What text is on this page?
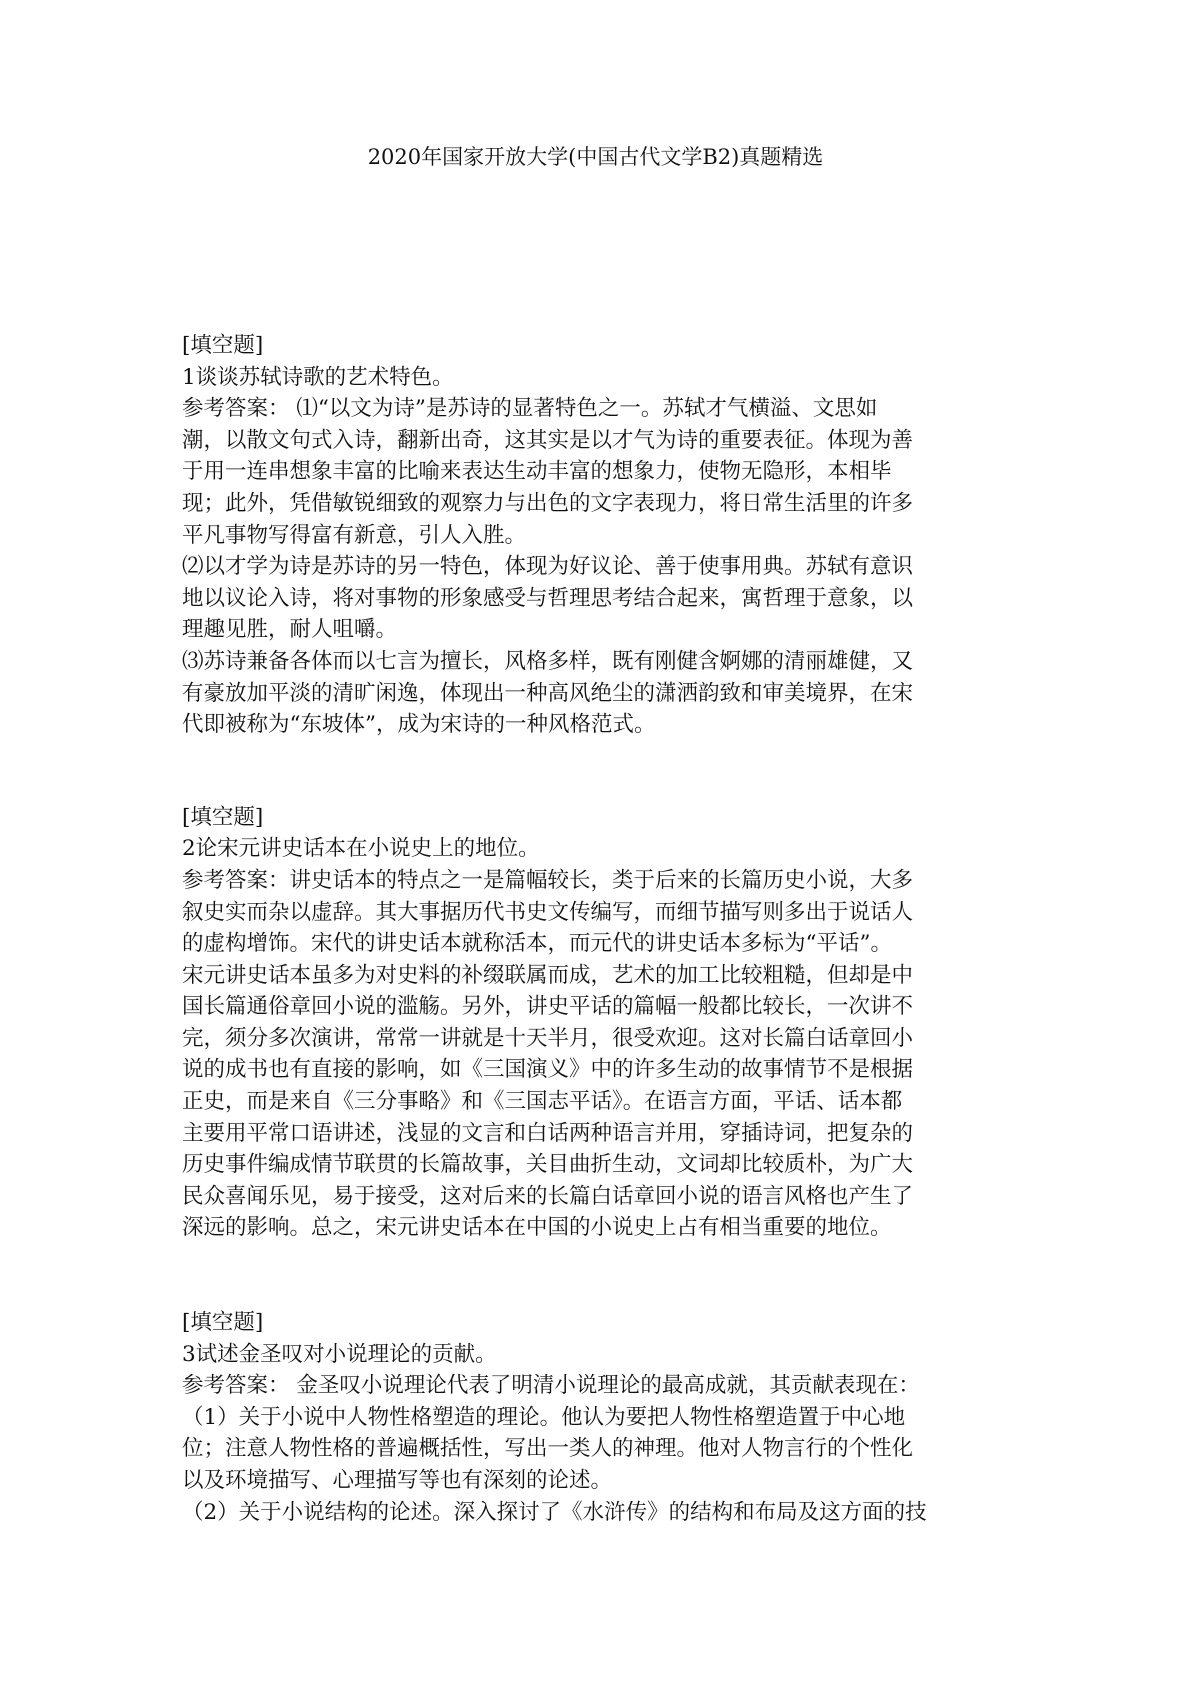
2020年国家开放大学(中国古代文学B2)真题精选

[填空题]

1谈谈苏轼诗歌的艺术特色。

参考答案： ⑴“以文为诗”是苏诗的显著特色之一。苏轼才气横溢、文思如

潮，以散文句式入诗，翻新出奇，这其实是以才气为诗的重要表征。体现为善

于用一连串想象丰富的比喻来表达生动丰富的想象力，使物无隐形，本相毕

现；此外，凭借敏锐细致的观察力与出色的文字表现力，将日常生活里的许多

平凡事物写得富有新意，引人入胜。

⑵以才学为诗是苏诗的另一特色，体现为好议论、善于使事用典。苏轼有意识

地以议论入诗，将对事物的形象感受与哲理思考结合起来，寓哲理于意象，以

理趣见胜，耐人咀嚼。

⑶苏诗兼备各体而以七言为擅长，风格多样，既有刚健含婀娜的清丽雄健，又

有豪放加平淡的清旷闲逸，体现出一种高风绝尘的潇洒韵致和审美境界，在宋

代即被称为“东坡体”，成为宋诗的一种风格范式。

[填空题]

2论宋元讲史话本在小说史上的地位。

参考答案：讲史话本的特点之一是篇幅较长，类于后来的长篇历史小说，大多

叙史实而杂以虚辞。其大事据历代书史文传编写，而细节描写则多出于说话人

的虚构增饰。宋代的讲史话本就称活本，而元代的讲史话本多标为“平话”。

宋元讲史话本虽多为对史料的补缀联属而成，艺术的加工比较粗糙，但却是中

国长篇通俗章回小说的滥觞。另外，讲史平话的篇幅一般都比较长，一次讲不

完，须分多次演讲，常常一讲就是十天半月，很受欢迎。这对长篇白话章回小

说的成书也有直接的影响，如《三国演义》中的许多生动的故事情节不是根据

正史，而是来自《三分事略》和《三国志平话》。在语言方面，平话、话本都

主要用平常口语讲述，浅显的文言和白话两种语言并用，穿插诗词，把复杂的

历史事件编成情节联贯的长篇故事，关目曲折生动，文词却比较质朴，为广大

民众喜闻乐见，易于接受，这对后来的长篇白话章回小说的语言风格也产生了

深远的影响。总之，宋元讲史话本在中国的小说史上占有相当重要的地位。

[填空题]

3试述金圣叹对小说理论的贡献。

参考答案： 金圣叹小说理论代表了明清小说理论的最高成就，其贡献表现在：

（1）关于小说中人物性格塑造的理论。他认为要把人物性格塑造置于中心地

位；注意人物性格的普遍概括性，写出一类人的神理。他对人物言行的个性化

以及环境描写、心理描写等也有深刻的论述。

（2）关于小说结构的论述。深入探讨了《水浒传》的结构和布局及这方面的技
